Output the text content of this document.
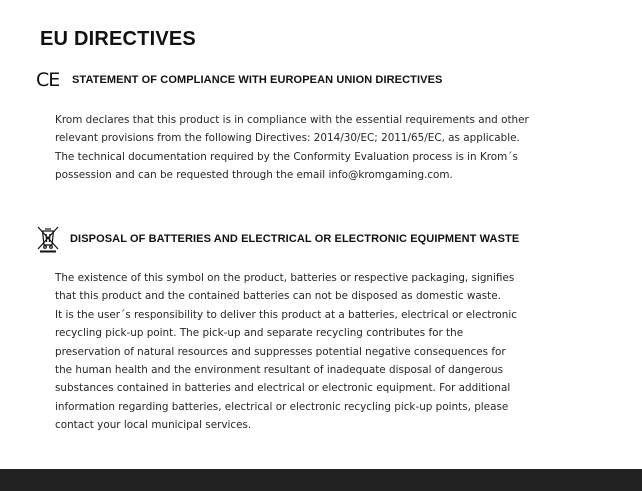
EU DIRECTIVES
CE	STATEMENT OF COMPLIANCE WITH EUROPEAN UNION DIRECTIVES

Krom declares that this product is in compliance with the essential requirements and other
relevant provisions from the following Directives: 2014/30/EC; 2011/65/EC, as applicable.
The technical documentation required by the Conformity Evaluation process is in Krom´s
possession and can be requested through the email info@kromgaming.com.

DISPOSAL OF BATTERIES AND ELECTRICAL OR ELECTRONIC EQUIPMENT WASTE

The existence of this symbol on the product, batteries or respective packaging, signifies
that this product and the contained batteries can not be disposed as domestic waste.
It is the user´s responsibility to deliver this product at a batteries, electrical or electronic
recycling pick-up point. The pick-up and separate recycling contributes for the
preservation of natural resources and suppresses potential negative consequences for
the human health and the environment resultant of inadequate disposal of dangerous
substances contained in batteries and electrical or electronic equipment. For additional
information regarding batteries, electrical or electronic recycling pick-up points, please
contact your local municipal services.
